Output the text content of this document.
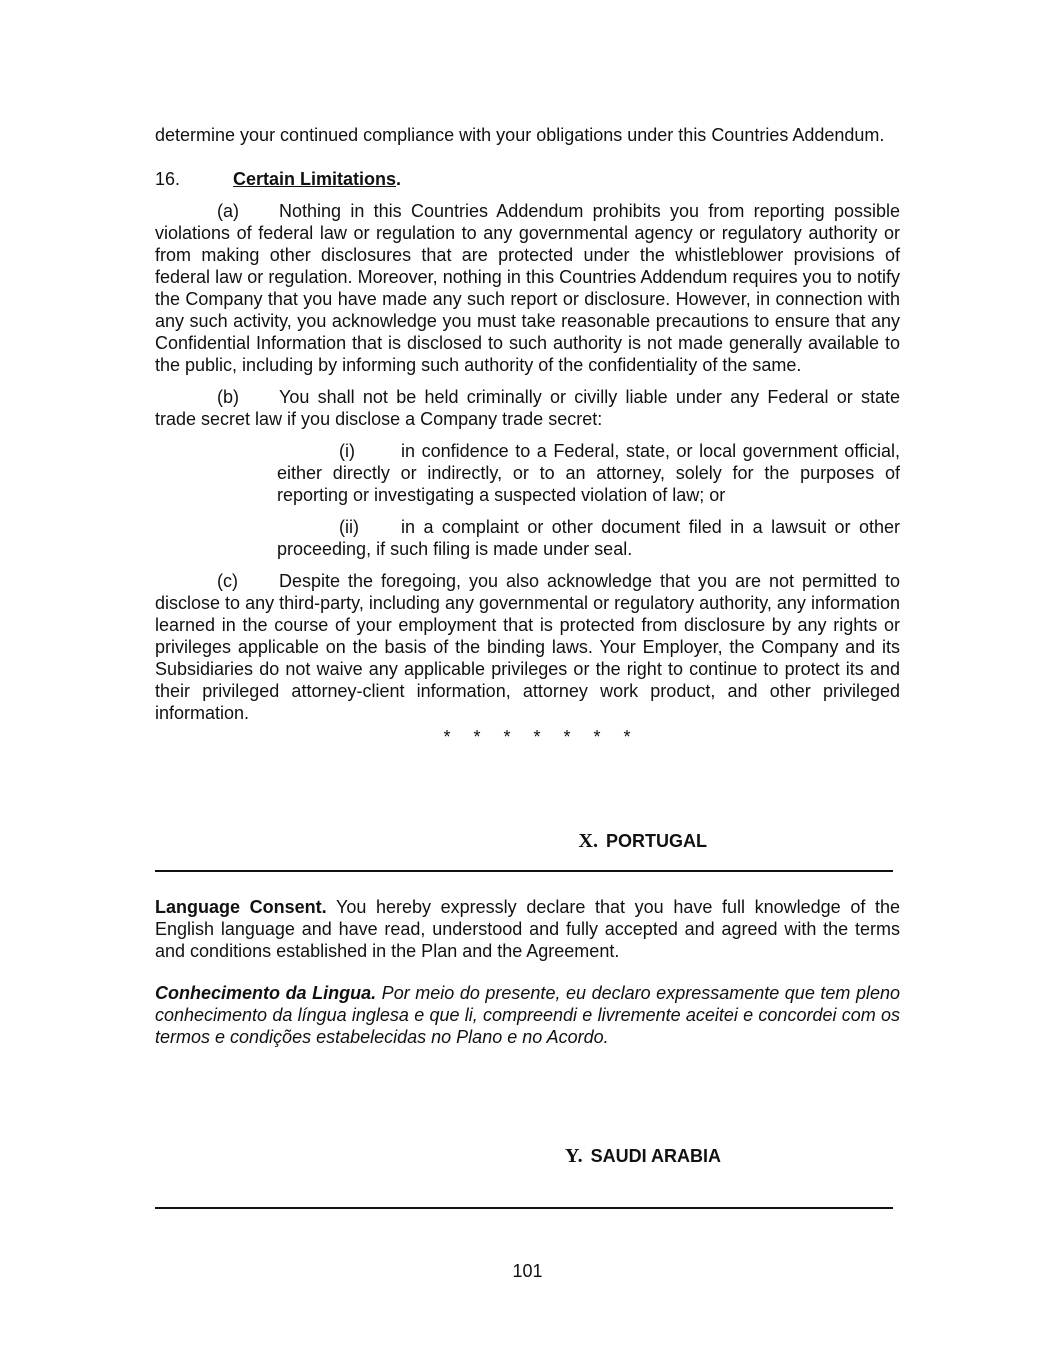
determine your continued compliance with your obligations under this Countries Addendum.

16.	Certain Limitations.

(a) Nothing in this Countries Addendum prohibits you from reporting possible violations of federal law or regulation to any governmental agency or regulatory authority or from making other disclosures that are protected under the whistleblower provisions of federal law or regulation. Moreover, nothing in this Countries Addendum requires you to notify the Company that you have made any such report or disclosure. However, in connection with any such activity, you acknowledge you must take reasonable precautions to ensure that any Confidential Information that is disclosed to such authority is not made generally available to the public, including by informing such authority of the confidentiality of the same.

(b) You shall not be held criminally or civilly liable under any Federal or state trade secret law if you disclose a Company trade secret:

(i)	in confidence to a Federal, state, or local government official, either directly or indirectly, or to an attorney, solely for the purposes of reporting or investigating a suspected violation of law; or

(ii) in a complaint or other document filed in a lawsuit or other proceeding, if such filing is made under seal.

(c) Despite the foregoing, you also acknowledge that you are not permitted to disclose to any third-party, including any governmental or regulatory authority, any information learned in the course of your employment that is protected from disclosure by any rights or privileges applicable on the basis of the binding laws. Your Employer, the Company and its Subsidiaries do not waive any applicable privileges or the right to continue to protect its and their privileged attorney-client information, attorney work product, and other privileged information.

* * * * * * *
X. PORTUGAL

Language Consent. You hereby expressly declare that you have full knowledge of the English language and have read, understood and fully accepted and agreed with the terms and conditions established in the Plan and the Agreement.

Conhecimento da Lingua. Por meio do presente, eu declaro expressamente que tem pleno conhecimento da língua inglesa e que li, compreendi e livremente aceitei e concordei com os termos e condições estabelecidas no Plano e no Acordo.

Y. SAUDI ARABIA
101
